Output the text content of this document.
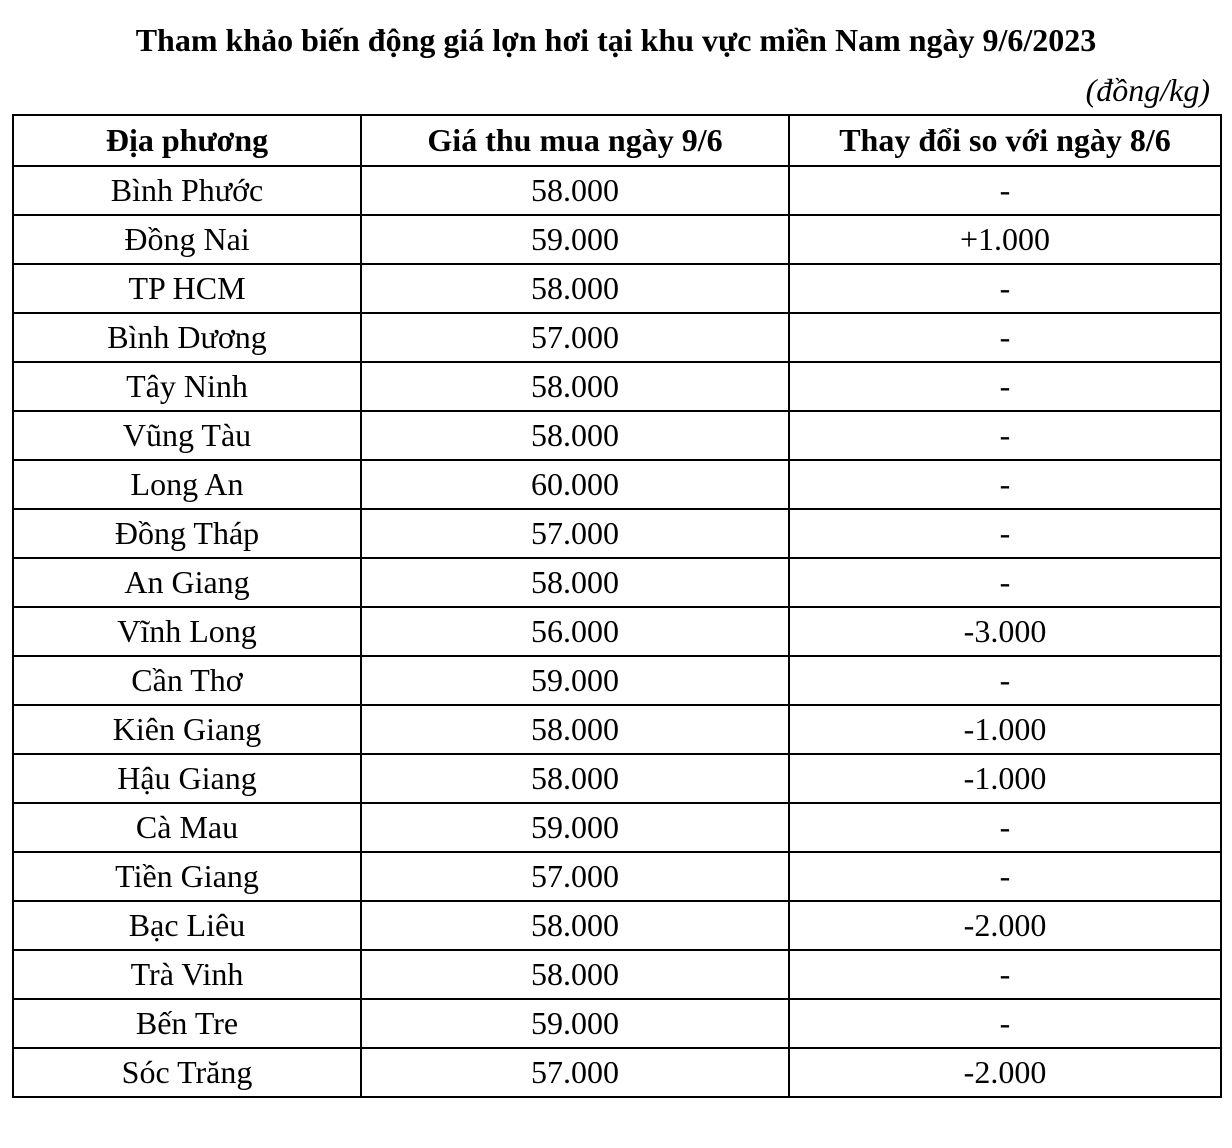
Tham khảo biến động giá lợn hơi tại khu vực miền Nam ngày 9/6/2023
(đồng/kg)
Địa phương	Giá thu mua ngày 9/6	Thay đổi so với ngày 8/6
Bình Phước	58.000	-
Đồng Nai	59.000	+1.000
TP HCM	58.000	-
Bình Dương	57.000	-
Tây Ninh	58.000	-
Vũng Tàu	58.000	-
Long An	60.000	-
Đồng Tháp	57.000	-
An Giang	58.000	-
Vĩnh Long	56.000	-3.000
Cần Thơ	59.000	-
Kiên Giang	58.000	-1.000
Hậu Giang	58.000	-1.000
Cà Mau	59.000	-
Tiền Giang	57.000	-
Bạc Liêu	58.000	-2.000
Trà Vinh	58.000	-
Bến Tre	59.000	-
Sóc Trăng	57.000	-2.000
